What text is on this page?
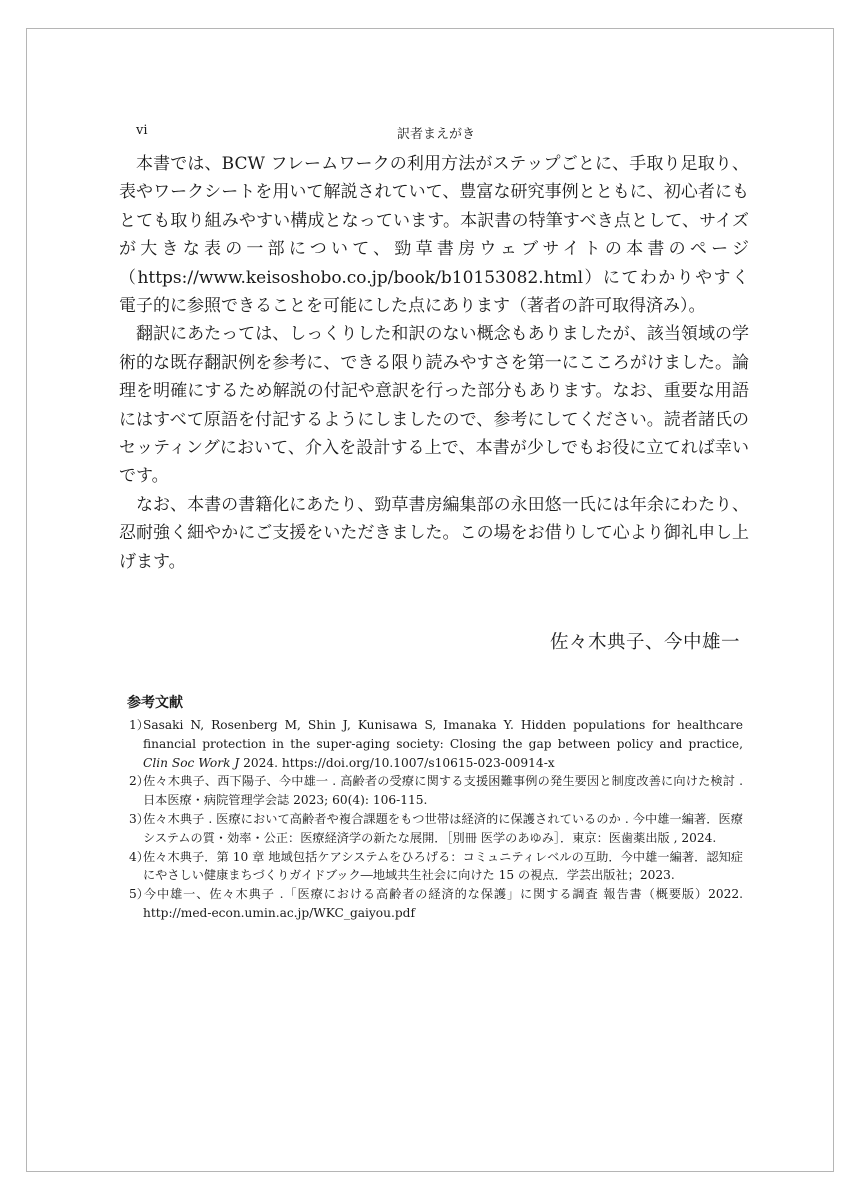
vi	訳者まえがき

本書では、BCW フレームワークの利用方法がステップごとに、手取り足取り、表やワークシートを用いて解説されていて、豊富な研究事例とともに、初心者にもとても取り組みやすい構成となっています。本訳書の特筆すべき点として、サイズが大きな表の一部について、勁草書房ウェブサイトの本書のページ（https://www.keisoshobo.co.jp/book/b10153082.html）にてわかりやすく電子的に参照できることを可能にした点にあります（著者の許可取得済み）。

翻訳にあたっては、しっくりした和訳のない概念もありましたが、該当領域の学術的な既存翻訳例を参考に、できる限り読みやすさを第一にこころがけました。論理を明確にするため解説の付記や意訳を行った部分もあります。なお、重要な用語にはすべて原語を付記するようにしましたので、参考にしてください。読者諸氏のセッティングにおいて、介入を設計する上で、本書が少しでもお役に立てれば幸いです。

なお、本書の書籍化にあたり、勁草書房編集部の永田悠一氏には年余にわたり、忍耐強く細やかにご支援をいただきました。この場をお借りして心より御礼申し上げます。

佐々木典子、今中雄一
参考文献
1）Sasaki N, Rosenberg M, Shin J, Kunisawa S, Imanaka Y. Hidden populations for healthcare financial protection in the super-aging society: Closing the gap between policy and practice, Clin Soc Work J 2024. https://doi.org/10.1007/s10615-023-00914-x
2）佐々木典子、西下陽子、今中雄一 . 高齢者の受療に関する支援困難事例の発生要因と制度改善に向けた検討 . 日本医療・病院管理学会誌 2023; 60(4): 106-115.
3）佐々木典子 . 医療において高齢者や複合課題をもつ世帯は経済的に保護されているのか . 今中雄一編著．医療システムの質・効率・公正：医療経済学の新たな展開．［別冊 医学のあゆみ］．東京：医歯薬出版 , 2024.
4）佐々木典子．第 10 章 地域包括ケアシステムをひろげる：コミュニティレベルの互助．今中雄一編著．認知症にやさしい健康まちづくりガイドブック―地域共生社会に向けた 15 の視点．学芸出版社；2023.
5）今中雄一、佐々木典子 .「医療における高齢者の経済的な保護」に関する調査 報告書（概要版）2022. http://med-econ.umin.ac.jp/WKC_gaiyou.pdf
